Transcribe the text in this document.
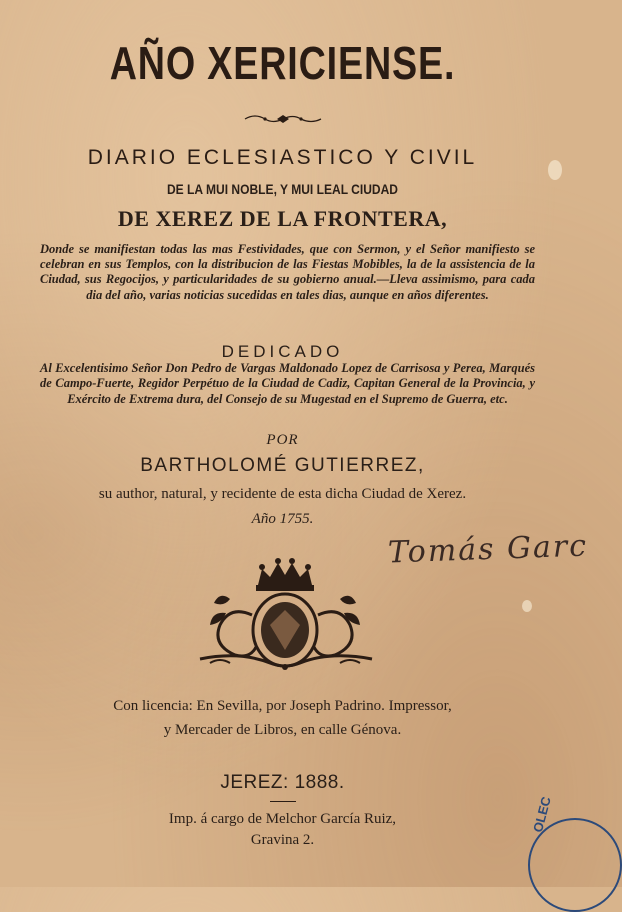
AÑO XERICIENSE.
DIARIO ECLESIASTICO Y CIVIL
DE LA MUI NOBLE, Y MUI LEAL CIUDAD
DE XEREZ DE LA FRONTERA,
Donde se manifiestan todas las mas Festividades, que con Sermon, y el Señor manifiesto se celebran en sus Templos, con la distribucion de las Fiestas Mobibles, la de la assistencia de la Ciudad, sus Regocijos, y particularidades de su gobierno anual.—Lleva assimismo, para cada dia del año, varias noticias sucedidas en tales dias, aunque en años diferentes.
DEDICADO
Al Excelentisimo Señor Don Pedro de Vargas Maldonado Lopez de Carrisosa y Perea, Marqués de Campo-Fuerte, Regidor Perpétuo de la Ciudad de Cadiz, Capitan General de la Provincia, y Exército de Extrema dura, del Consejo de su Mugestad en el Supremo de Guerra, etc.
POR
BARTHOLOMÉ GUTIERREZ,
su author, natural, y recidente de esta dicha Ciudad de Xerez.
Año 1755.
Tomás Garc
Con licencia: En Sevilla, por Joseph Padrino. Impressor,
y Mercader de Libros, en calle Génova.
JEREZ: 1888.
Imp. á cargo de Melchor García Ruiz,
Gravina 2.
OLEC
